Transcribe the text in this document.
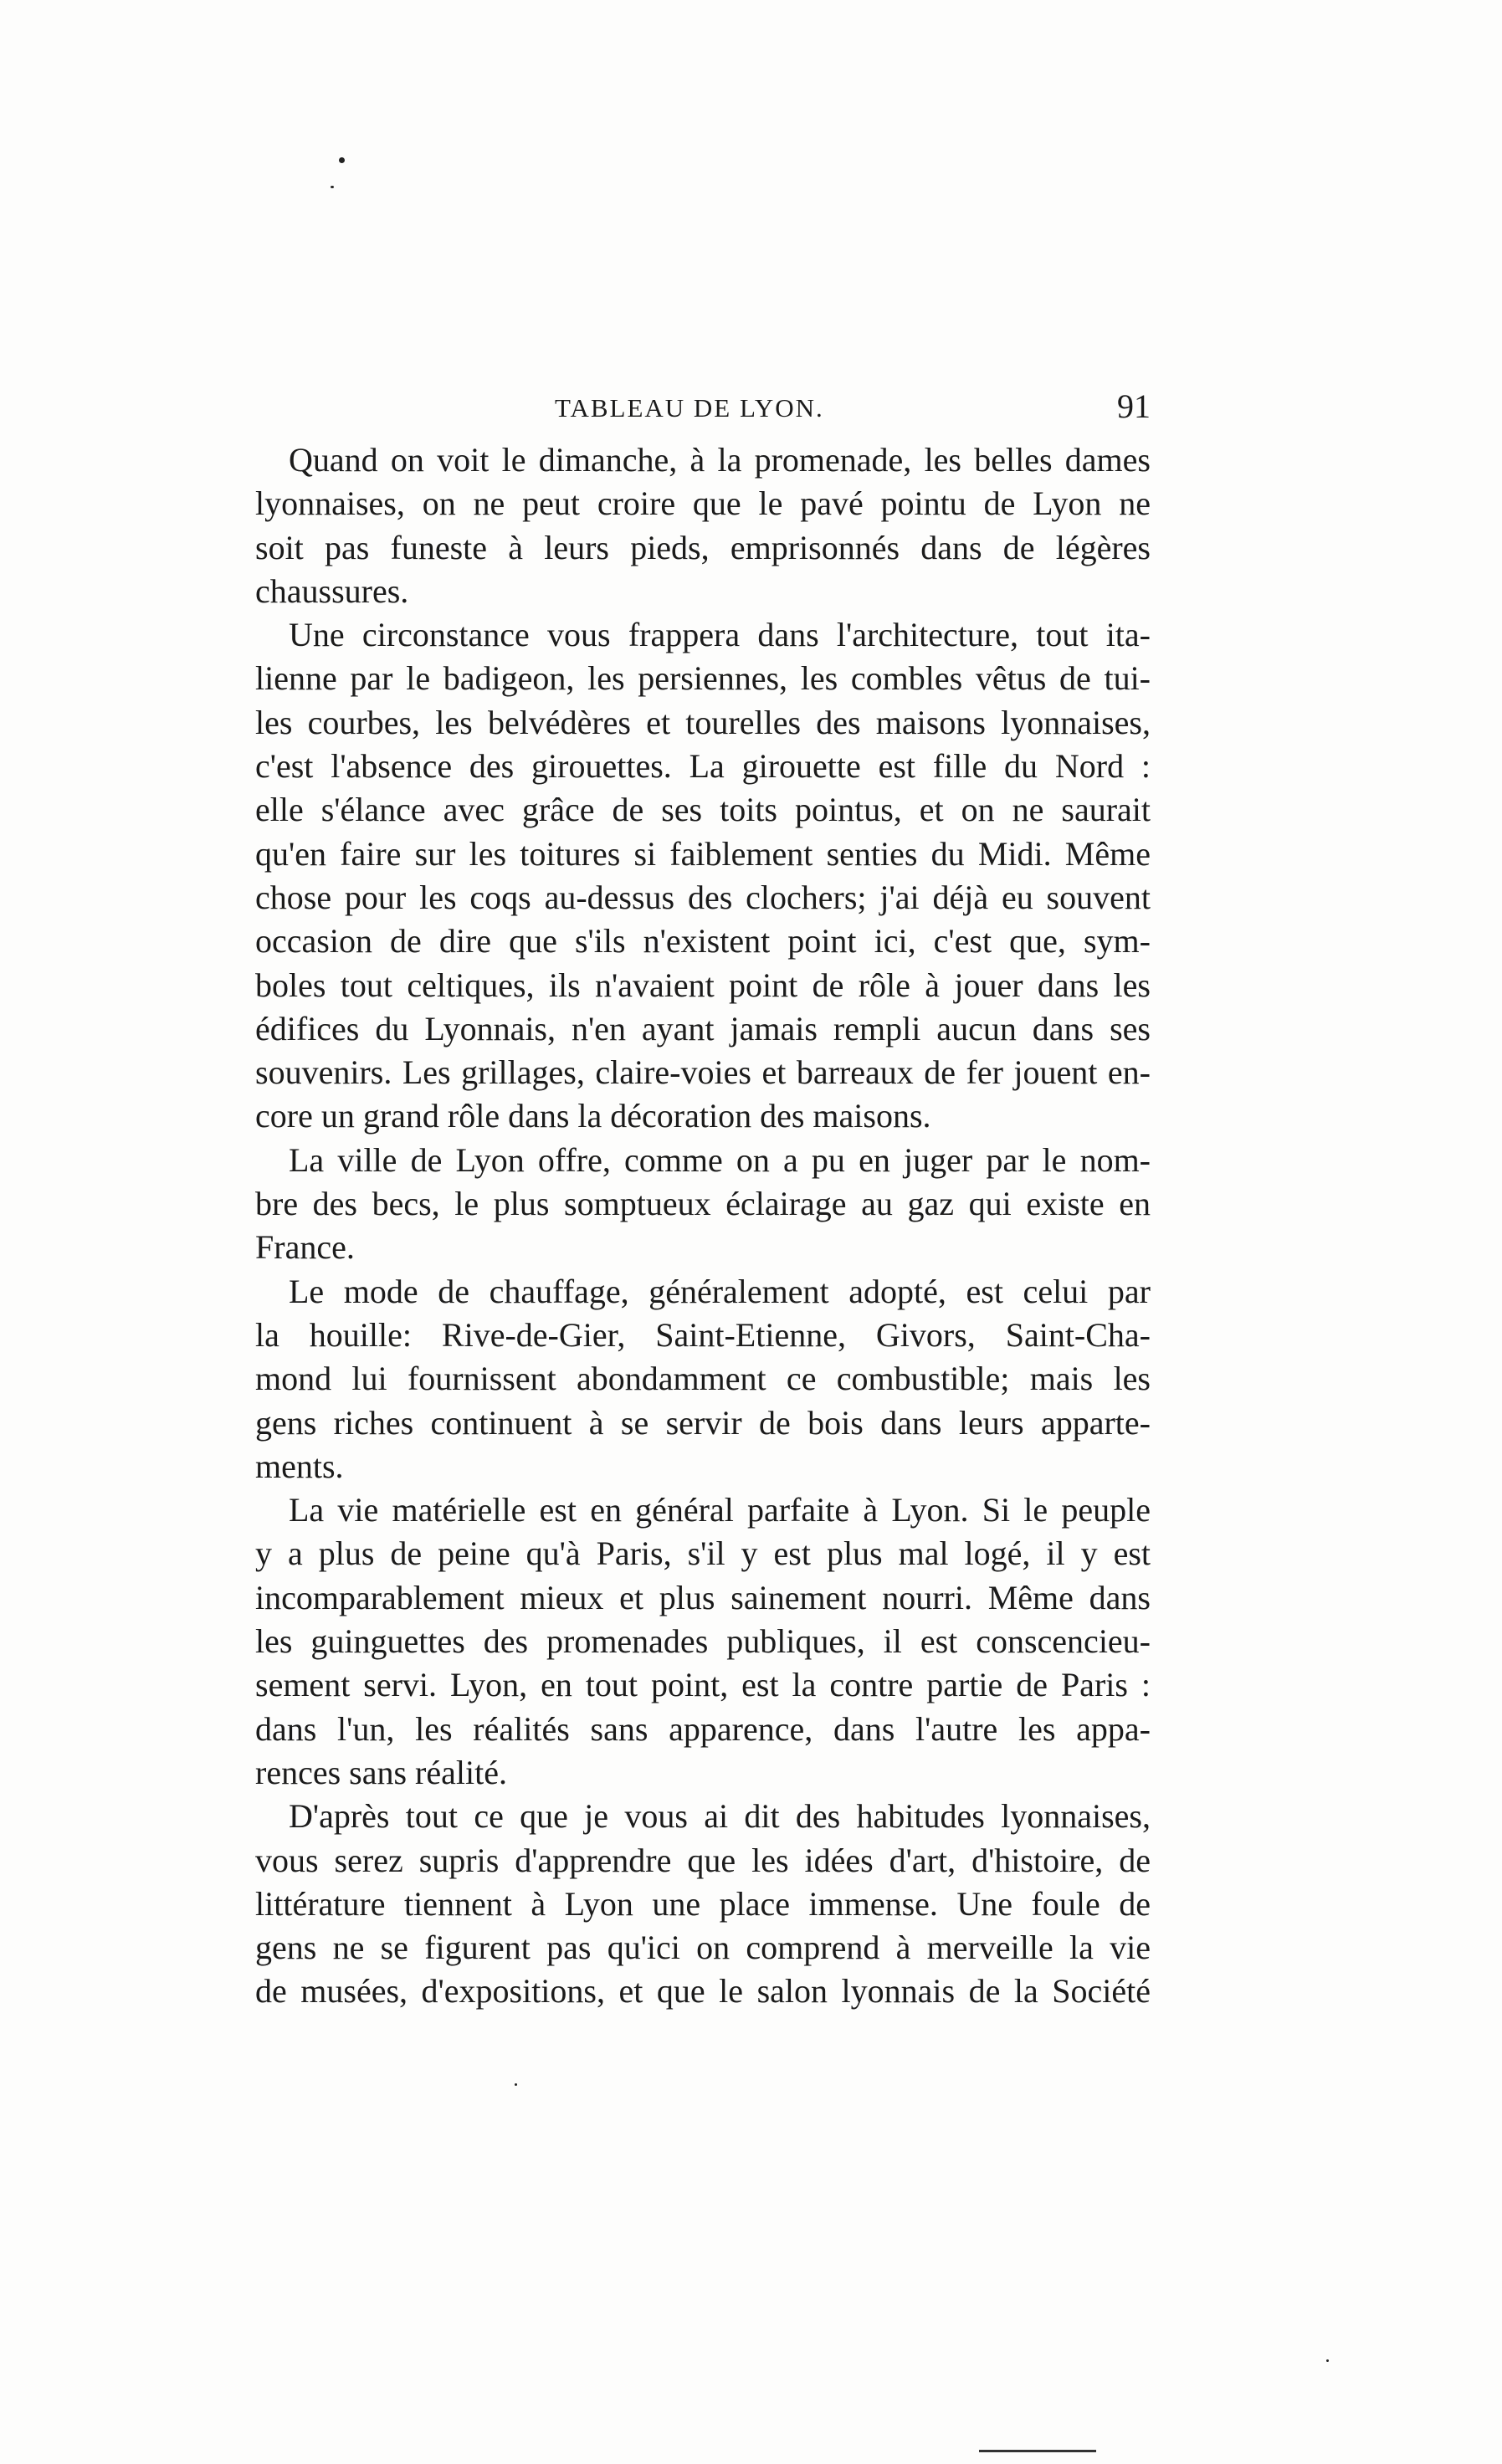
TABLEAU DE LYON.	91
Quand on voit le dimanche, à la promenade, les belles dames
lyonnaises, on ne peut croire que le pavé pointu de Lyon ne
soit pas funeste à leurs pieds, emprisonnés dans de légères
chaussures.
Une circonstance vous frappera dans l'architecture, tout ita-
lienne par le badigeon, les persiennes, les combles vêtus de tui-
les courbes, les belvédères et tourelles des maisons lyonnaises,
c'est l'absence des girouettes. La girouette est fille du Nord :
elle s'élance avec grâce de ses toits pointus, et on ne saurait
qu'en faire sur les toitures si faiblement senties du Midi. Même
chose pour les coqs au-dessus des clochers; j'ai déjà eu souvent
occasion de dire que s'ils n'existent point ici, c'est que, sym-
boles tout celtiques, ils n'avaient point de rôle à jouer dans les
édifices du Lyonnais, n'en ayant jamais rempli aucun dans ses
souvenirs. Les grillages, claire-voies et barreaux de fer jouent en-
core un grand rôle dans la décoration des maisons.
La ville de Lyon offre, comme on a pu en juger par le nom-
bre des becs, le plus somptueux éclairage au gaz qui existe en
France.
Le mode de chauffage, généralement adopté, est celui par
la houille: Rive-de-Gier, Saint-Etienne, Givors, Saint-Cha-
mond lui fournissent abondamment ce combustible; mais les
gens riches continuent à se servir de bois dans leurs apparte-
ments.
La vie matérielle est en général parfaite à Lyon. Si le peuple
y a plus de peine qu'à Paris, s'il y est plus mal logé, il y est
incomparablement mieux et plus sainement nourri. Même dans
les guinguettes des promenades publiques, il est conscencieu-
sement servi. Lyon, en tout point, est la contre partie de Paris :
dans l'un, les réalités sans apparence, dans l'autre les appa-
rences sans réalité.
D'après tout ce que je vous ai dit des habitudes lyonnaises,
vous serez supris d'apprendre que les idées d'art, d'histoire, de
littérature tiennent à Lyon une place immense. Une foule de
gens ne se figurent pas qu'ici on comprend à merveille la vie
de musées, d'expositions, et que le salon lyonnais de la Société
